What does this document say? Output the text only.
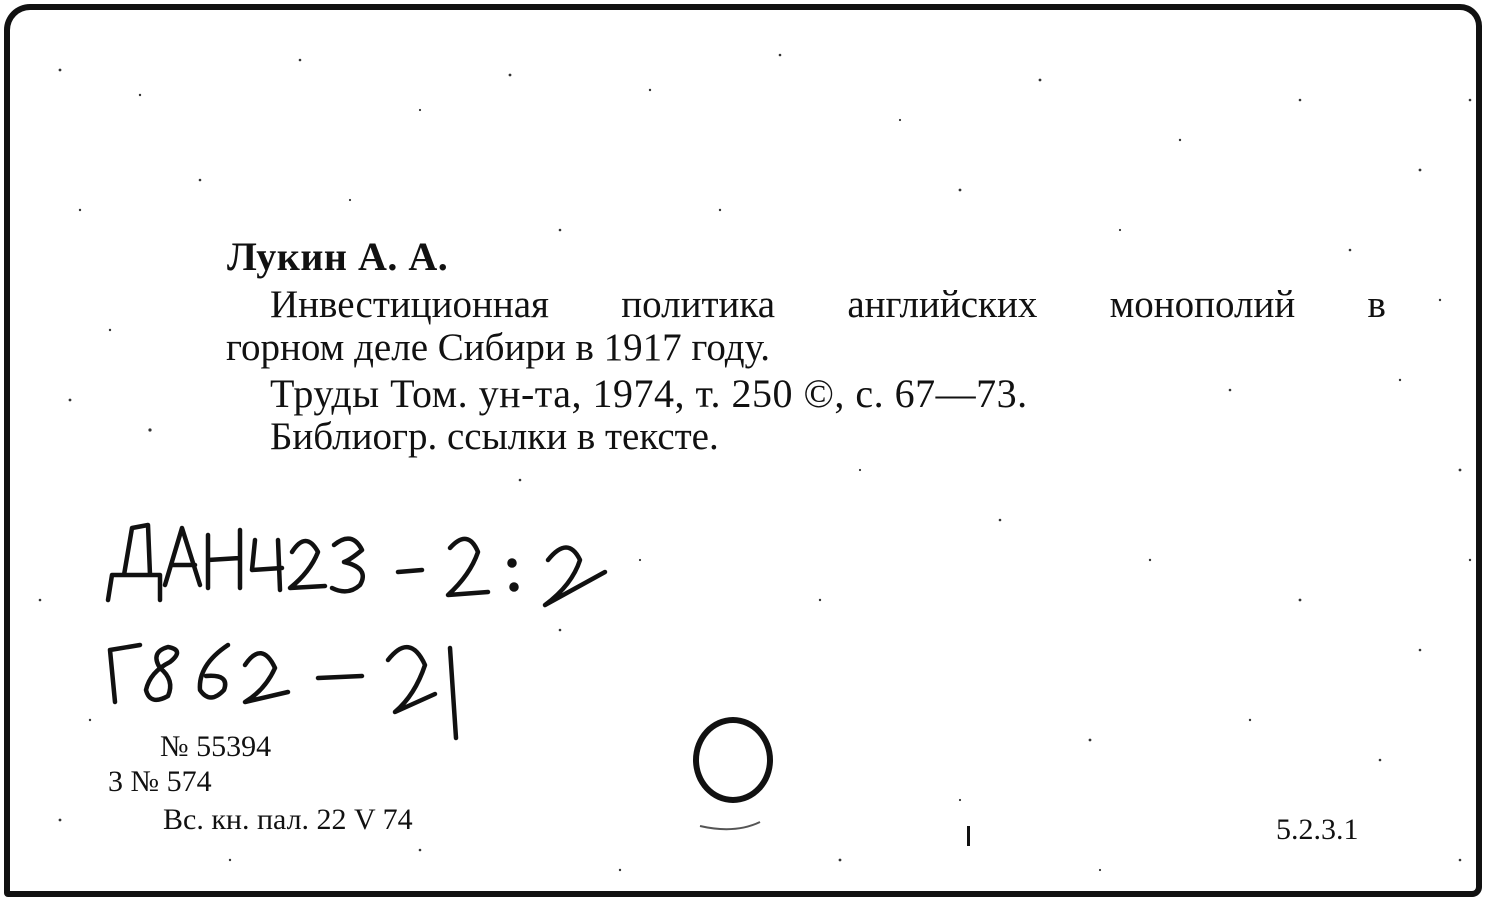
Лукин А. А.
Инвестиционная политика английских монополий в
горном деле Сибири в 1917 году.
Труды Том. ун-та, 1974, т. 250 ©, с. 67—73.
Библиогр. ссылки в тексте.
№ 55394
3 № 574
Вс. кн. пал. 22 V 74	5.2.3.1
